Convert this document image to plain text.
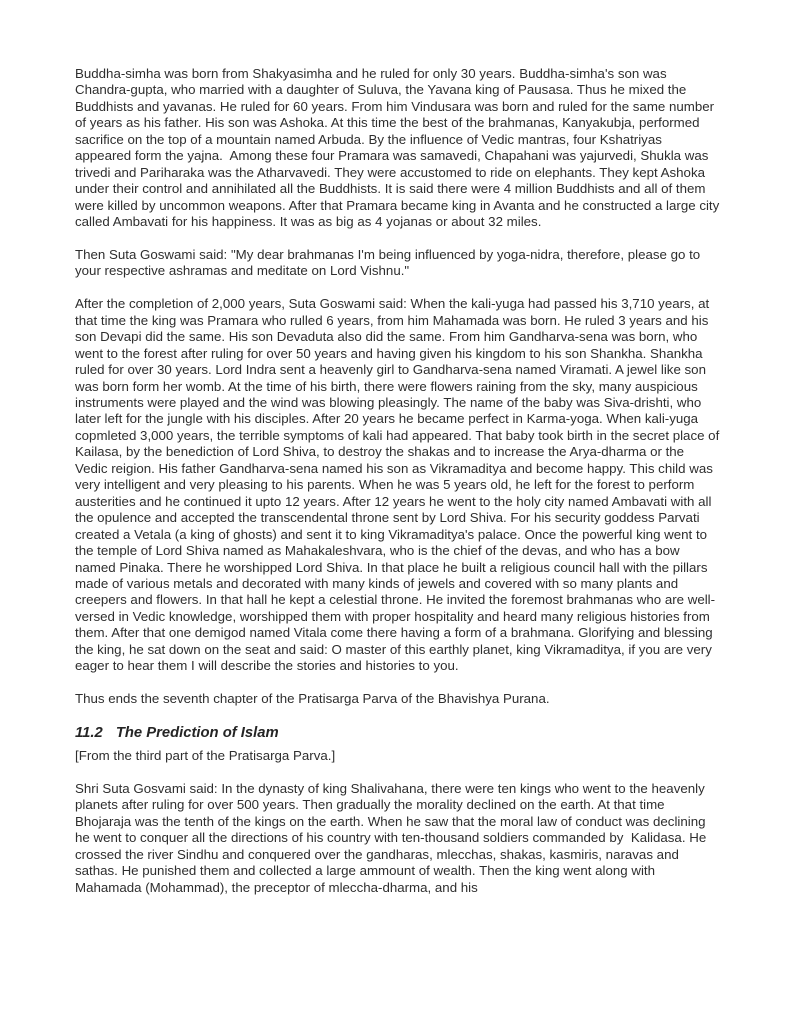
Buddha-simha was born from Shakyasimha and he ruled for only 30 years. Buddha-simha's son was Chandra-gupta, who married with a daughter of Suluva, the Yavana king of Pausasa. Thus he mixed the Buddhists and yavanas. He ruled for 60 years. From him Vindusara was born and ruled for the same number of years as his father. His son was Ashoka. At this time the best of the brahmanas, Kanyakubja, performed sacrifice on the top of a mountain named Arbuda. By the influence of Vedic mantras, four Kshatriyas appeared form the yajna.  Among these four Pramara was samavedi, Chapahani was yajurvedi, Shukla was trivedi and Pariharaka was the Atharvavedi. They were accustomed to ride on elephants. They kept Ashoka under their control and annihilated all the Buddhists. It is said there were 4 million Buddhists and all of them were killed by uncommon weapons. After that Pramara became king in Avanta and he constructed a large city called Ambavati for his happiness. It was as big as 4 yojanas or about 32 miles.

Then Suta Goswami said: "My dear brahmanas I'm being influenced by yoga-nidra, therefore, please go to your respective ashramas and meditate on Lord Vishnu."

After the completion of 2,000 years, Suta Goswami said: When the kali-yuga had passed his 3,710 years, at that time the king was Pramara who rulled 6 years, from him Mahamada was born. He ruled 3 years and his son Devapi did the same. His son Devaduta also did the same. From him Gandharva-sena was born, who went to the forest after ruling for over 50 years and having given his kingdom to his son Shankha. Shankha ruled for over 30 years. Lord Indra sent a heavenly girl to Gandharva-sena named Viramati. A jewel like son was born form her womb. At the time of his birth, there were flowers raining from the sky, many auspicious instruments were played and the wind was blowing pleasingly. The name of the baby was Siva-drishti, who later left for the jungle with his disciples. After 20 years he became perfect in Karma-yoga. When kali-yuga copmleted 3,000 years, the terrible symptoms of kali had appeared. That baby took birth in the secret place of Kailasa, by the benediction of Lord Shiva, to destroy the shakas and to increase the Arya-dharma or the Vedic reigion. His father Gandharva-sena named his son as Vikramaditya and become happy. This child was very intelligent and very pleasing to his parents. When he was 5 years old, he left for the forest to perform austerities and he continued it upto 12 years. After 12 years he went to the holy city named Ambavati with all the opulence and accepted the transcendental throne sent by Lord Shiva. For his security goddess Parvati created a Vetala (a king of ghosts) and sent it to king Vikramaditya's palace. Once the powerful king went to the temple of Lord Shiva named as Mahakaleshvara, who is the chief of the devas, and who has a bow named Pinaka. There he worshipped Lord Shiva. In that place he built a religious council hall with the pillars made of various metals and decorated with many kinds of jewels and covered with so many plants and creepers and flowers. In that hall he kept a celestial throne. He invited the foremost brahmanas who are well-versed in Vedic knowledge, worshipped them with proper hospitality and heard many religious histories from them. After that one demigod named Vitala come there having a form of a brahmana. Glorifying and blessing the king, he sat down on the seat and said: O master of this earthly planet, king Vikramaditya, if you are very eager to hear them I will describe the stories and histories to you.

Thus ends the seventh chapter of the Pratisarga Parva of the Bhavishya Purana.

11.2 The Prediction of Islam

[From the third part of the Pratisarga Parva.]

Shri Suta Gosvami said: In the dynasty of king Shalivahana, there were ten kings who went to the heavenly planets after ruling for over 500 years. Then gradually the morality declined on the earth. At that time Bhojaraja was the tenth of the kings on the earth. When he saw that the moral law of conduct was declining he went to conquer all the directions of his country with ten-thousand soldiers commanded by  Kalidasa. He crossed the river Sindhu and conquered over the gandharas, mlecchas, shakas, kasmiris, naravas and sathas. He punished them and collected a large ammount of wealth. Then the king went along with Mahamada (Mohammad), the preceptor of mleccha-dharma, and his
